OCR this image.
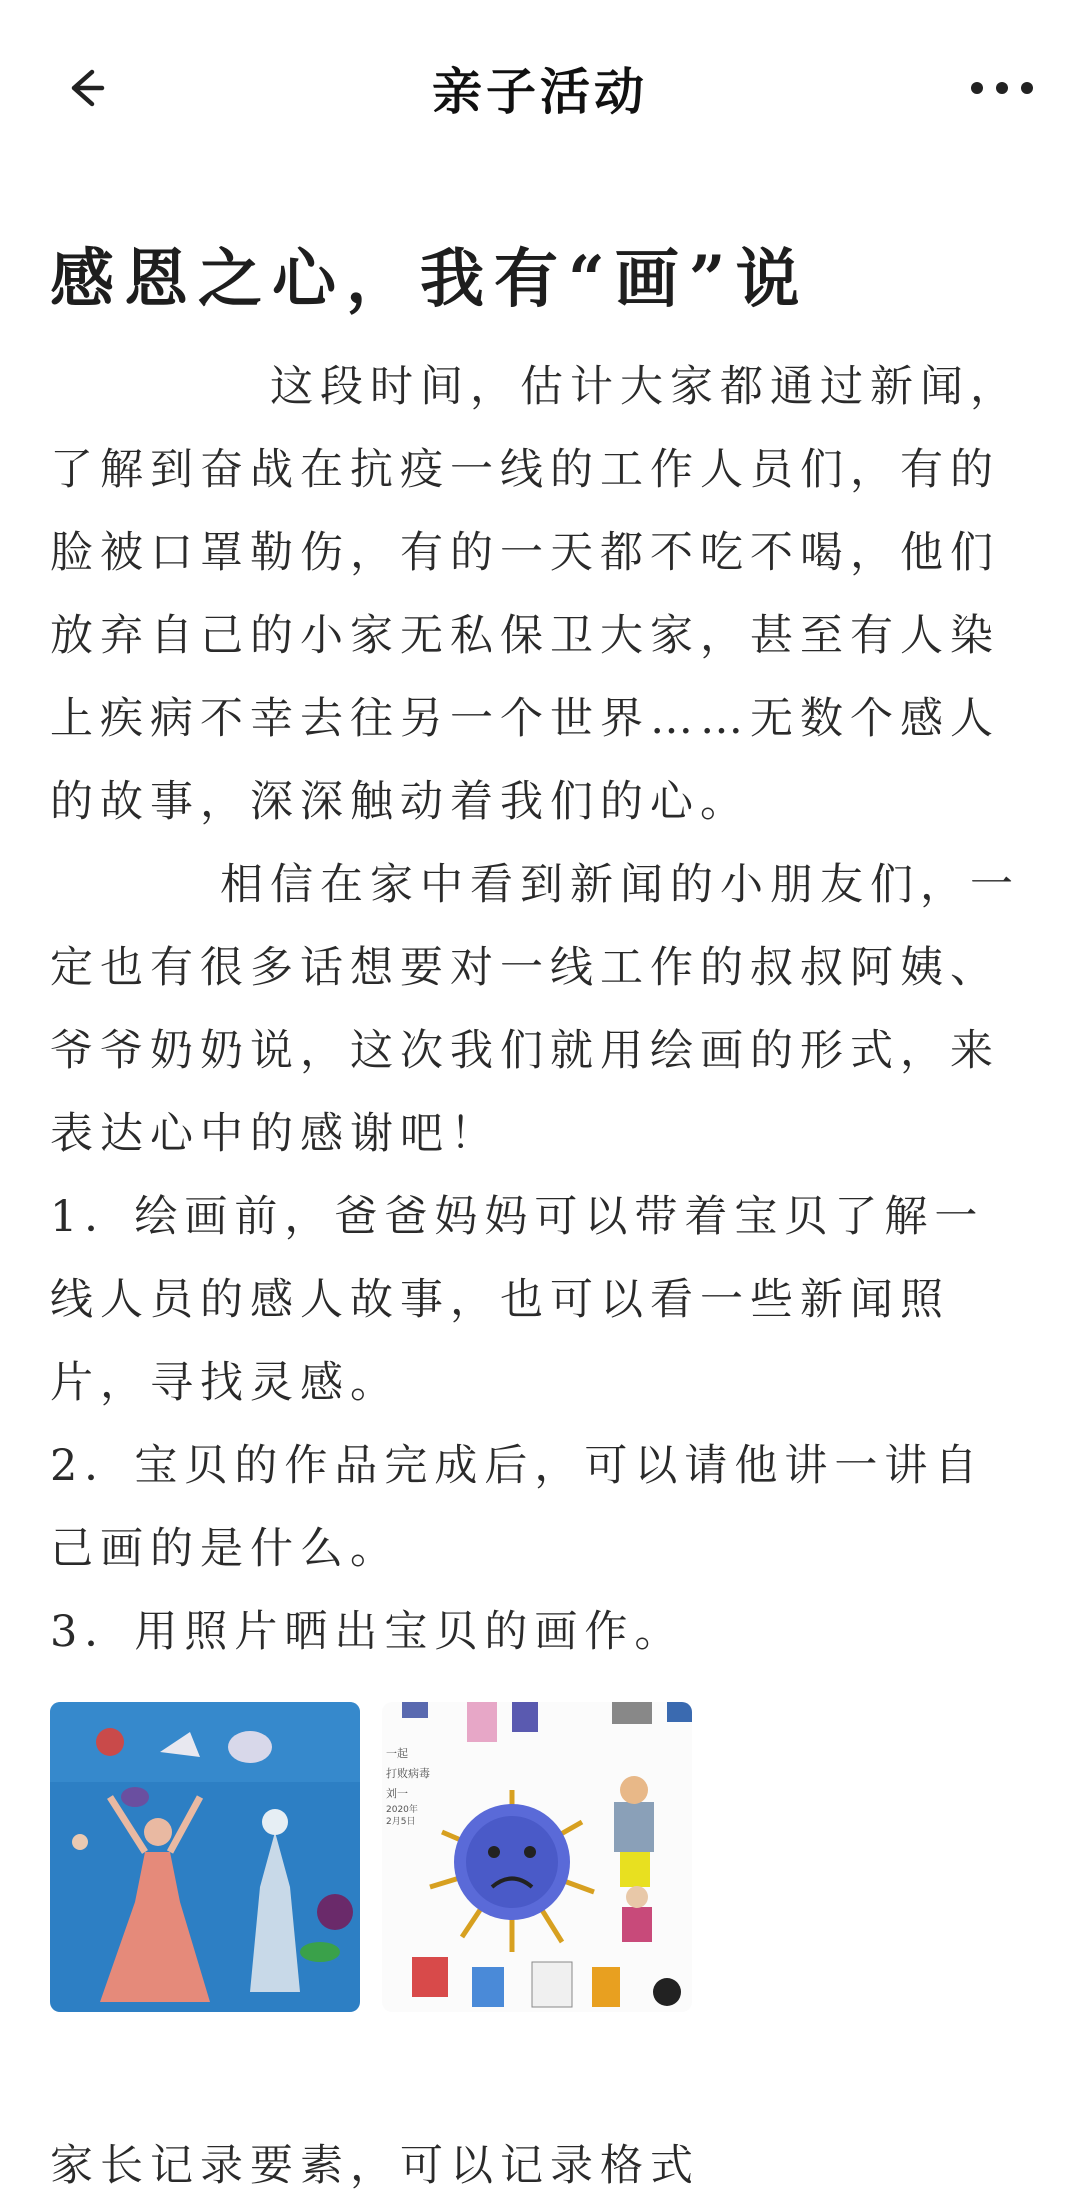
亲子活动
感恩之心，我有“画”说

这段时间，估计大家都通过新闻，了解到奋战在抗疫一线的工作人员们，有的脸被口罩勒伤，有的一天都不吃不喝，他们放弃自己的小家无私保卫大家，甚至有人染上疾病不幸去往另一个世界……无数个感人的故事，深深触动着我们的心。

相信在家中看到新闻的小朋友们，一定也有很多话想要对一线工作的叔叔阿姨、爷爷奶奶说，这次我们就用绘画的形式，来表达心中的感谢吧！

1．绘画前，爸爸妈妈可以带着宝贝了解一线人员的感人故事，也可以看一些新闻照片，寻找灵感。

2．宝贝的作品完成后，可以请他讲一讲自己画的是什么。

3．用照片晒出宝贝的画作。

一起
打败病毒
刘一
2020年
2月5日
家长记录要素，可以记录格式
